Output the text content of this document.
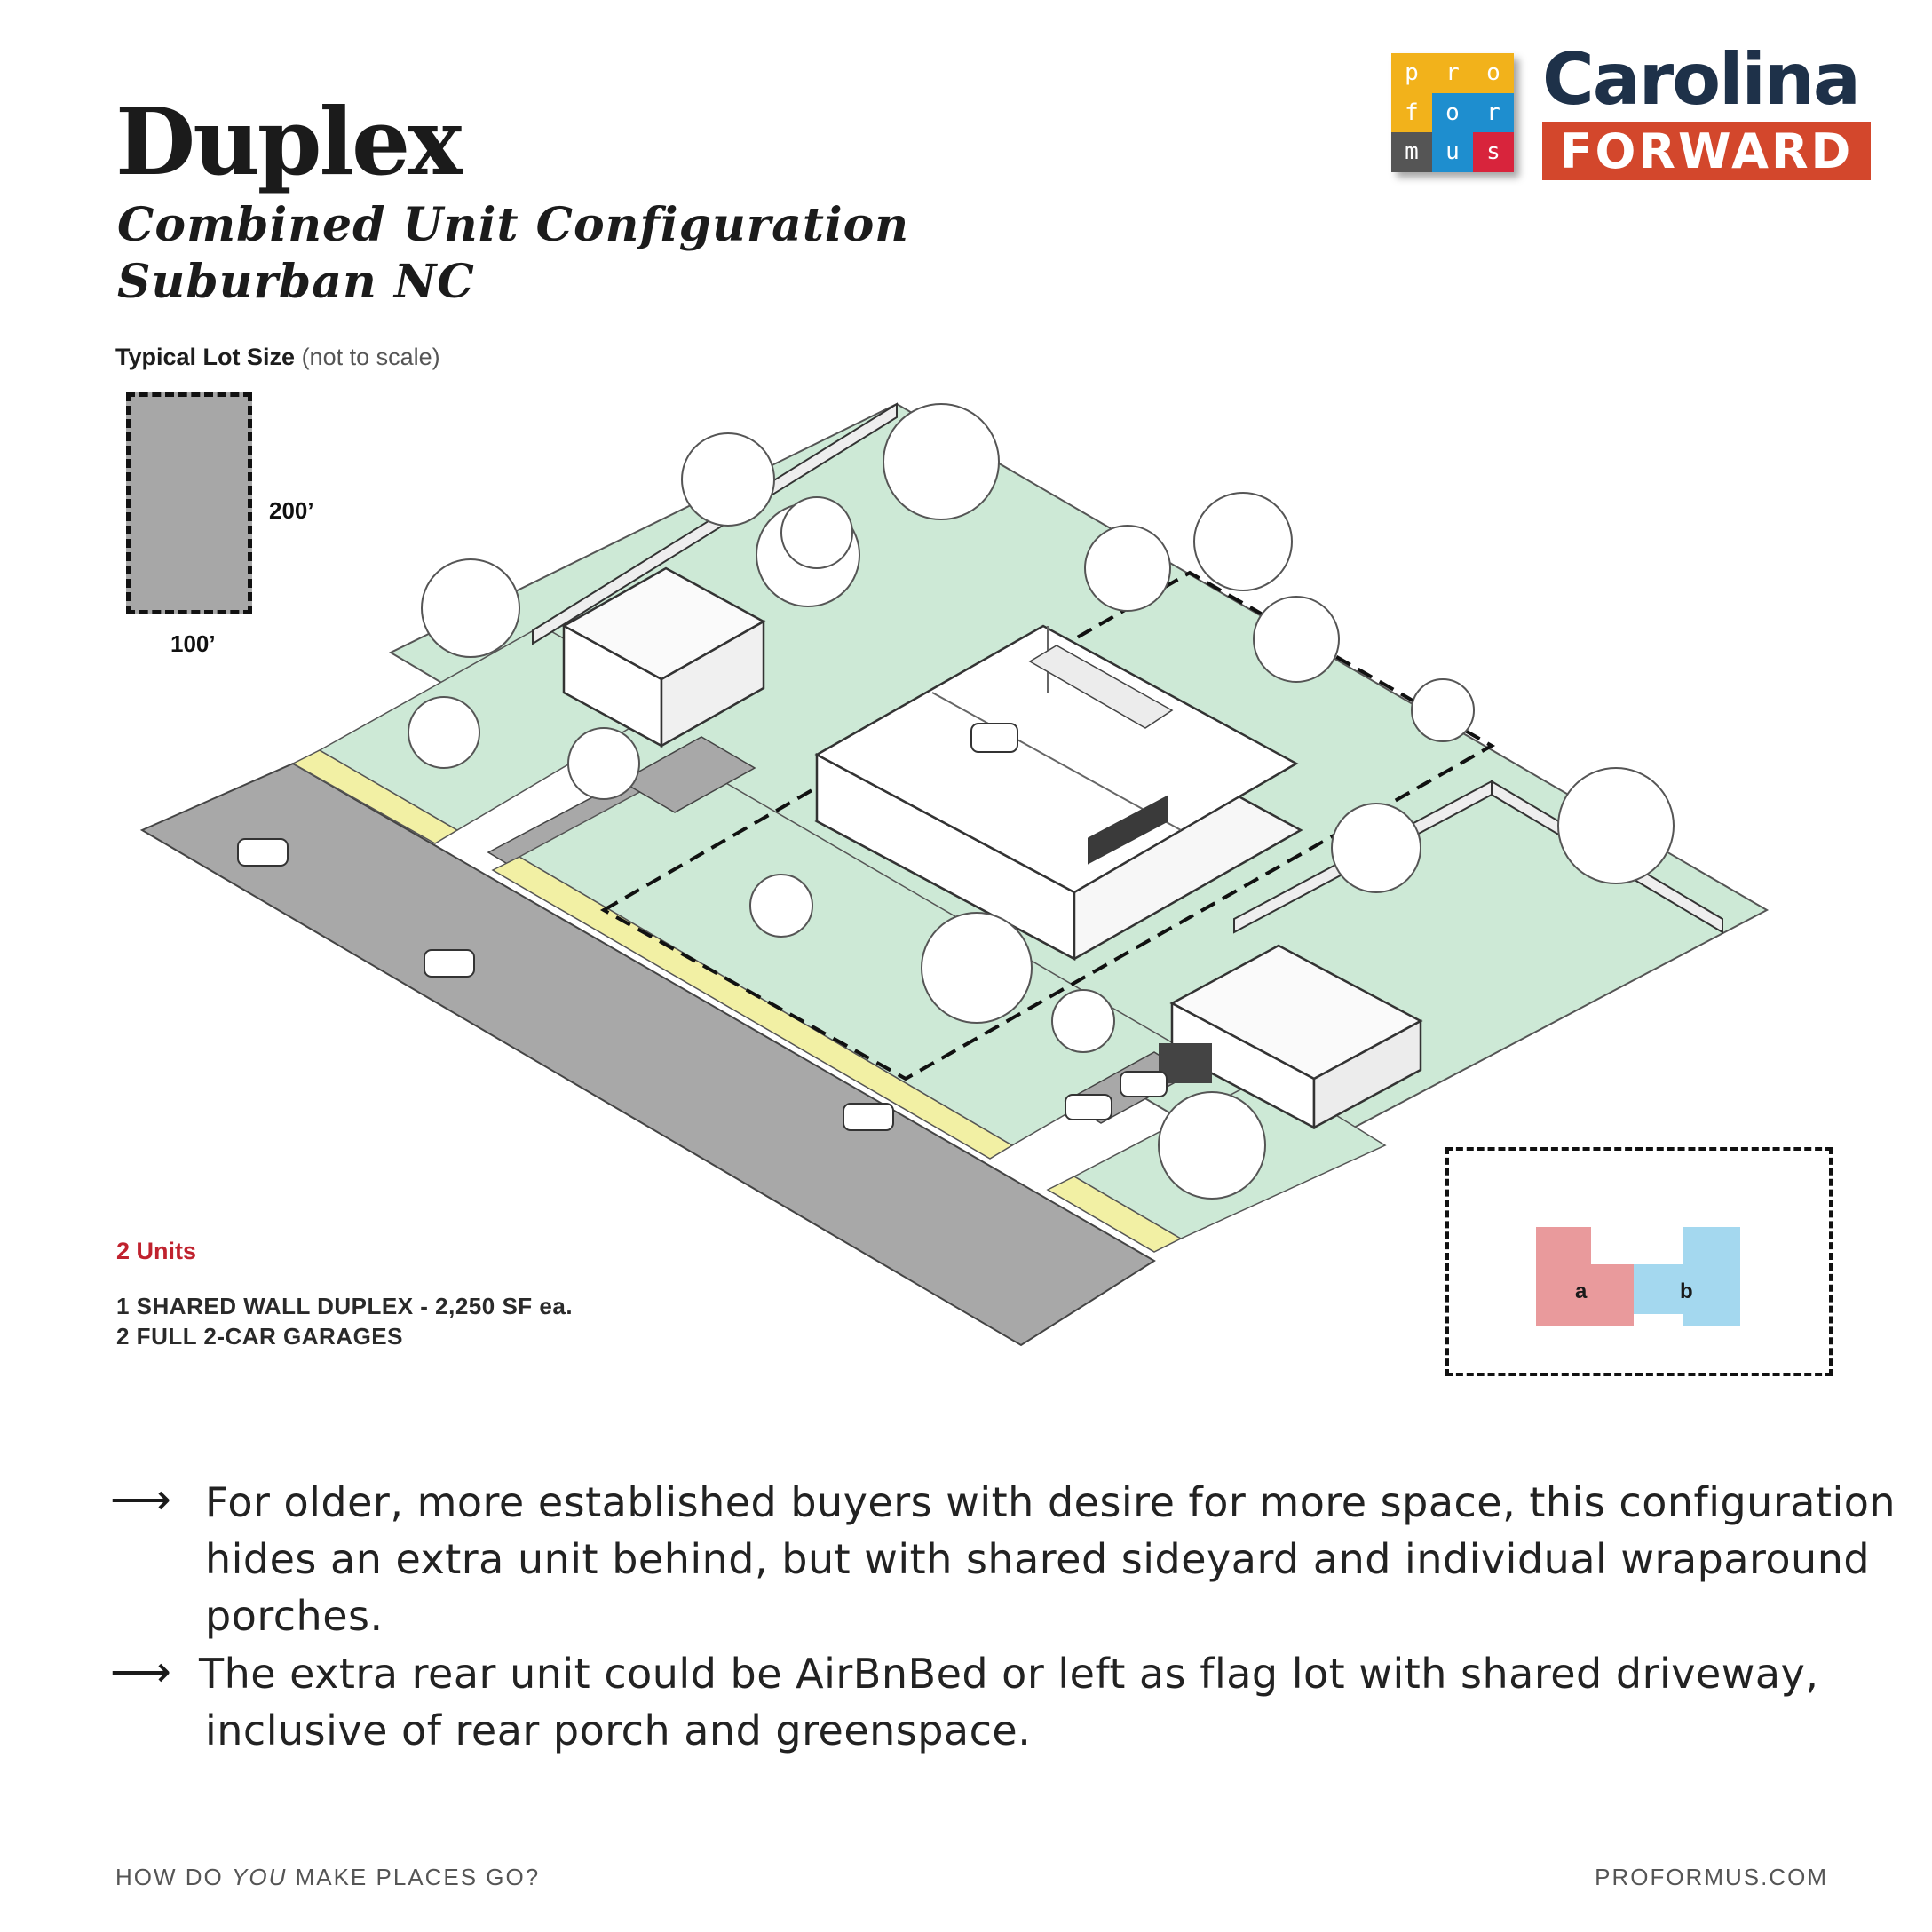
Duplex
Combined Unit Configuration
Suburban NC
p	r	o
f	o	r
m	u	s
Carolina
FORWARD
Typical Lot Size (not to scale)
200’
100’
2 Units
1 SHARED WALL DUPLEX - 2,250 SF ea.
2 FULL 2-CAR GARAGES
a	b
⟶ For older, more established buyers with desire for more space, this configuration
hides an extra unit behind, but with shared sideyard and individual wraparound
porches.
⟶ The extra rear unit could be AirBnBed or left as flag lot with shared driveway,
inclusive of rear porch and greenspace.
HOW DO YOU MAKE PLACES GO?	PROFORMUS.COM
